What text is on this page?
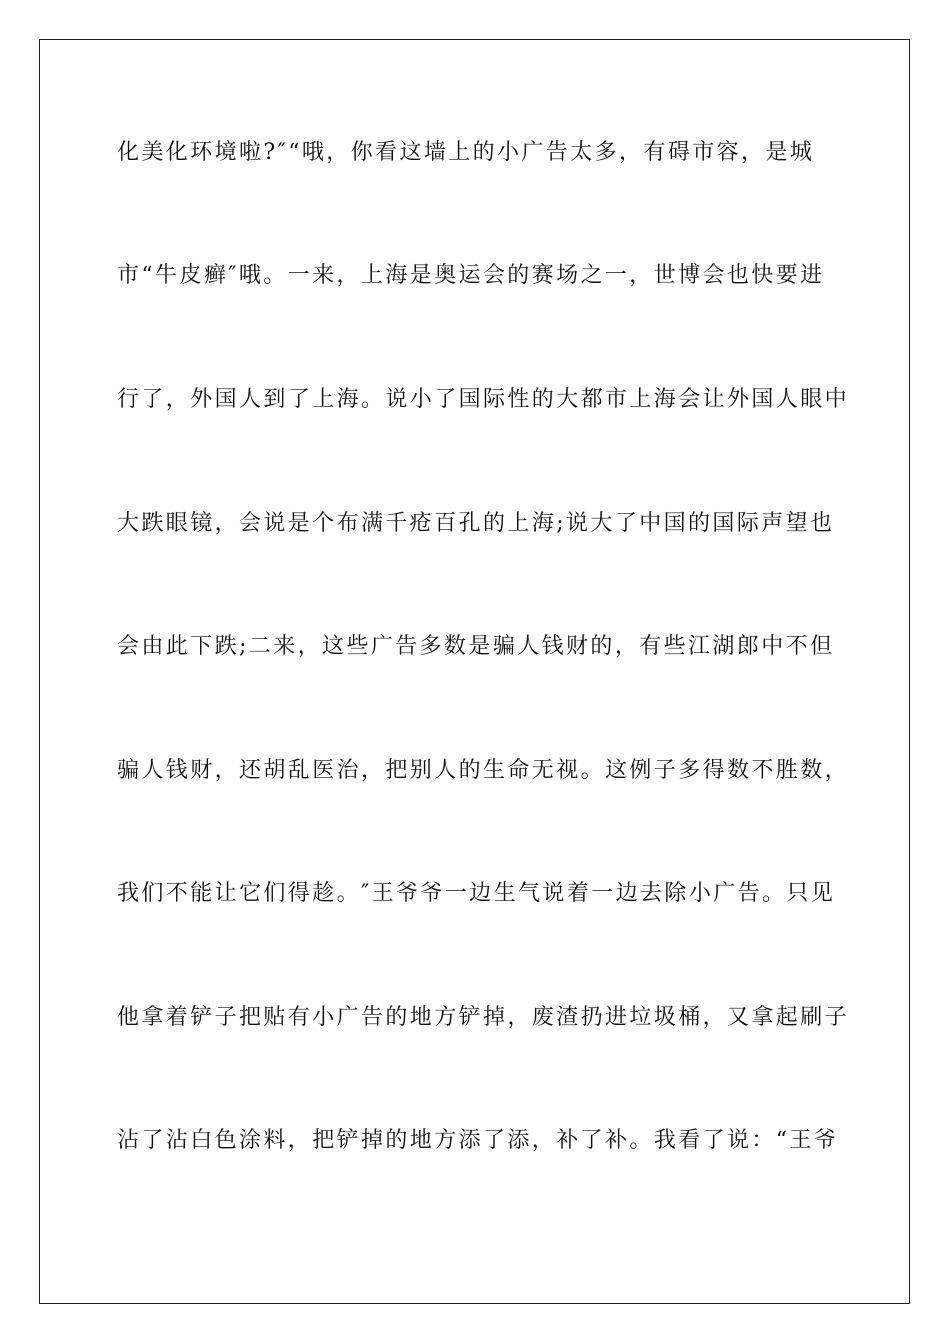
化美化环境啦?″“哦，你看这墙上的小广告太多，有碍市容，是城
市“牛皮癣″哦。一来，上海是奥运会的赛场之一，世博会也快要进
行了，外国人到了上海。说小了国际性的大都市上海会让外国人眼中
大跌眼镜，会说是个布满千疮百孔的上海;说大了中国的国际声望也
会由此下跌;二来，这些广告多数是骗人钱财的，有些江湖郎中不但
骗人钱财，还胡乱医治，把别人的生命无视。这例子多得数不胜数，
我们不能让它们得趁。″王爷爷一边生气说着一边去除小广告。只见
他拿着铲子把贴有小广告的地方铲掉，废渣扔进垃圾桶，又拿起刷子
沾了沾白色涂料，把铲掉的地方添了添，补了补。我看了说：“王爷
